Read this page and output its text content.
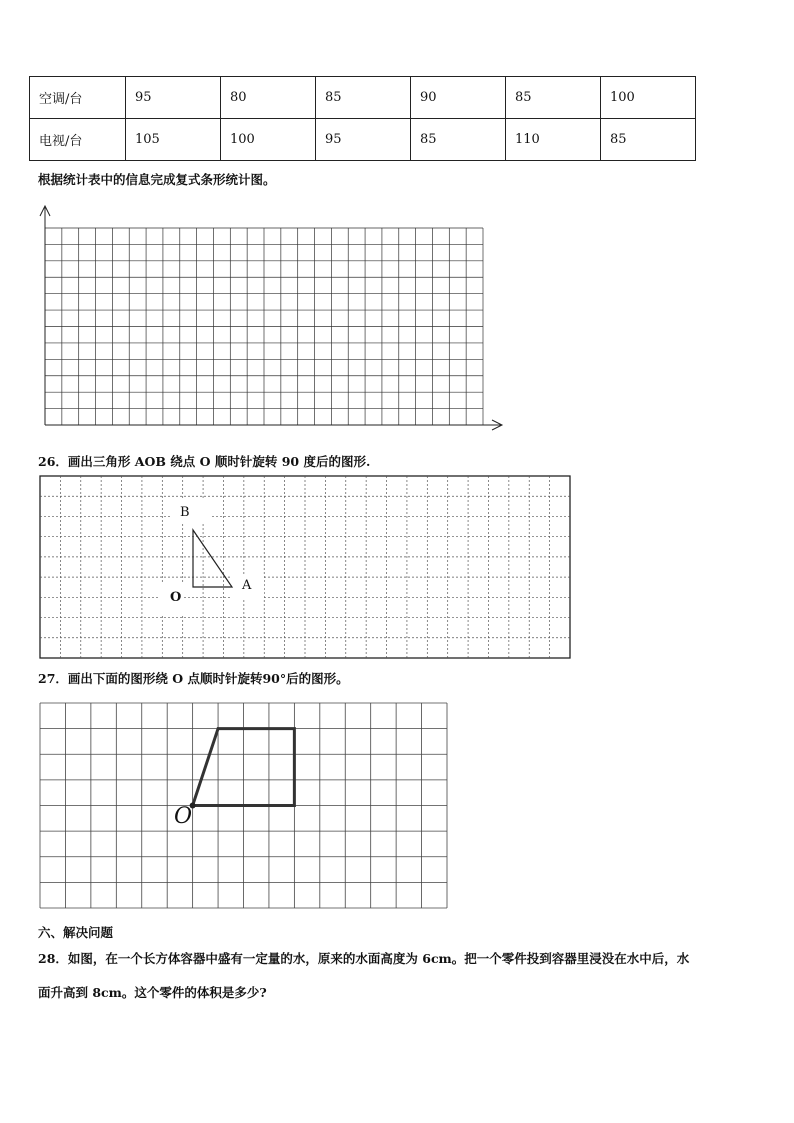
空调/台	95	80	85	90	85	100
电视/台	105	100	95	85	110	85
根据统计表中的信息完成复式条形统计图。
26．画出三角形 AOB 绕点 O 顺时针旋转 90 度后的图形.
B
A
O
27．画出下面的图形绕 O 点顺时针旋转90°后的图形。
O
六、解决问题
28．如图，在一个长方体容器中盛有一定量的水，原来的水面高度为 6cm。把一个零件投到容器里浸没在水中后，水
面升高到 8cm。这个零件的体积是多少?
